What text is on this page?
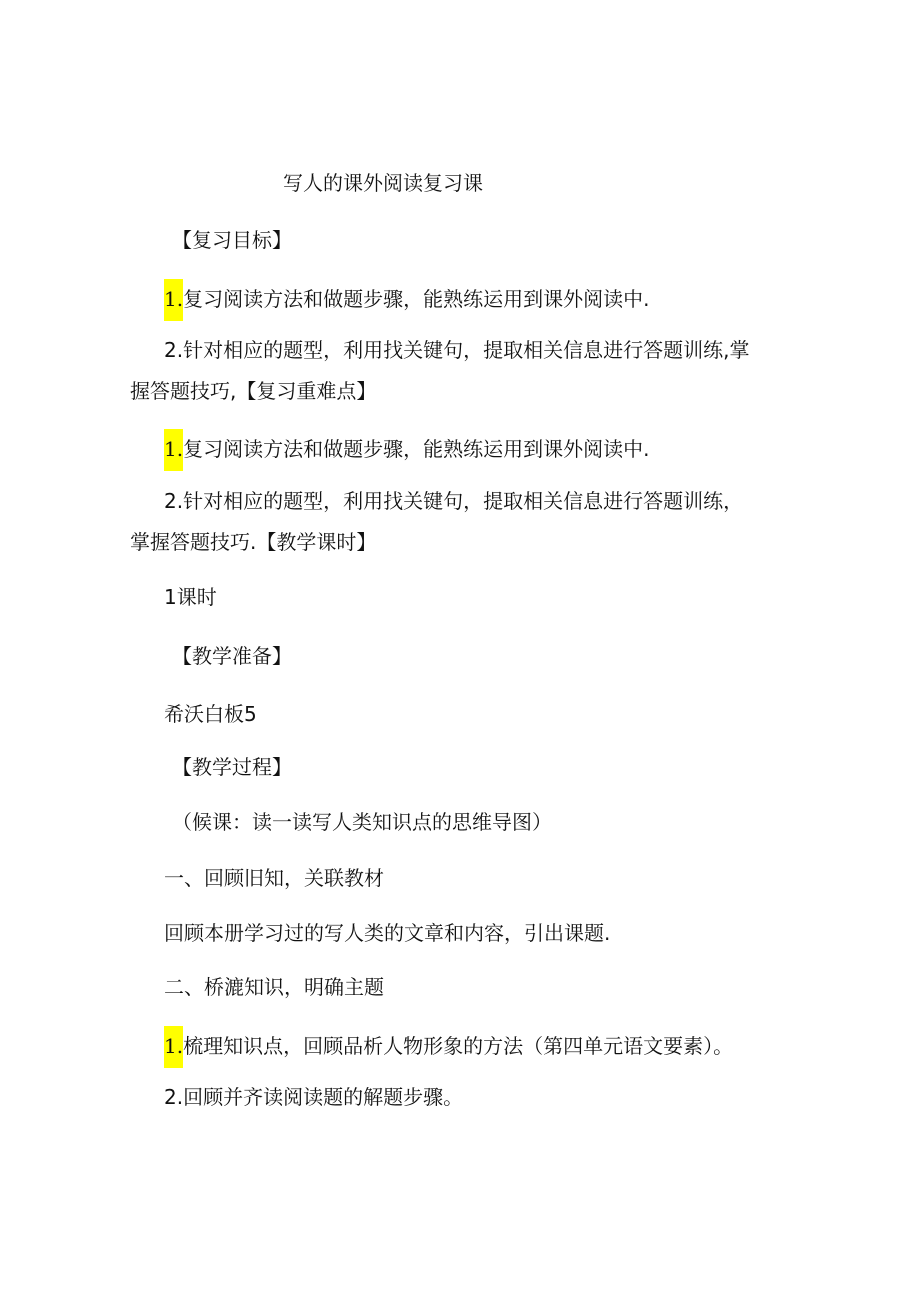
写人的课外阅读复习课
【复习目标】
1.复习阅读方法和做题步骤，能熟练运用到课外阅读中.
2.针对相应的题型，利用找关键句，提取相关信息进行答题训练,掌
握答题技巧,【复习重难点】
1.复习阅读方法和做题步骤，能熟练运用到课外阅读中.
2.针对相应的题型，利用找关键句，提取相关信息进行答题训练，
掌握答题技巧.【教学课时】
1课时
【教学准备】
希沃白板5
【教学过程】
（候课：读一读写人类知识点的思维导图）
一、回顾旧知，关联教材
回顾本册学习过的写人类的文章和内容，引出课题.
二、桥漉知识，明确主题
1.梳理知识点，回顾品析人物形象的方法（第四单元语文要素）。
2.回顾并齐读阅读题的解题步骤。
